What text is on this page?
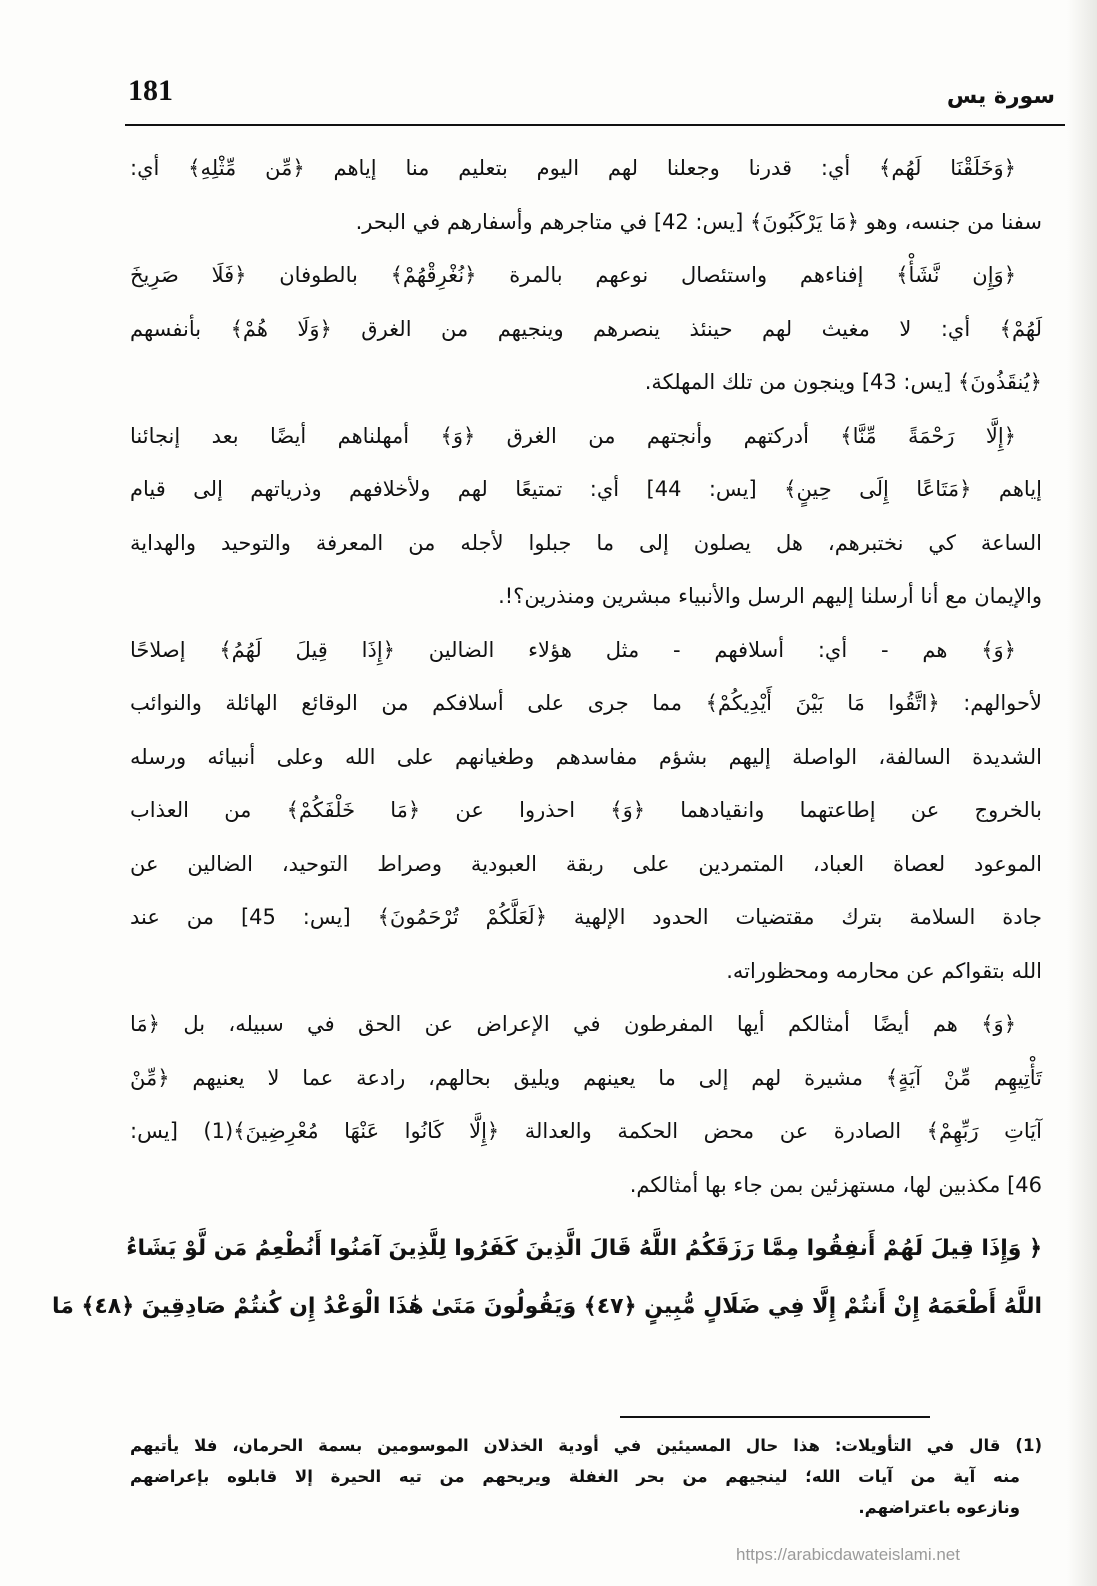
181	سورة يس
﴿وَخَلَقْنَا لَهُم﴾ أي: قدرنا وجعلنا لهم اليوم بتعليم منا إياهم ﴿مِّن مِّثْلِهِ﴾ أي:
سفنا من جنسه، وهو ﴿مَا يَرْكَبُونَ﴾ [يس: 42] في متاجرهم وأسفارهم في البحر.
﴿وَإِن نَّشَأْ﴾ إفناءهم واستئصال نوعهم بالمرة ﴿نُغْرِقْهُمْ﴾ بالطوفان ﴿فَلَا صَرِيخَ
لَهُمْ﴾ أي: لا مغيث لهم حينئذ ينصرهم وينجيهم من الغرق ﴿وَلَا هُمْ﴾ بأنفسهم
﴿يُنقَذُونَ﴾ [يس: 43] وينجون من تلك المهلكة.
﴿إِلَّا رَحْمَةً مِّنَّا﴾ أدركتهم وأنجتهم من الغرق ﴿وَ﴾ أمهلناهم أيضًا بعد إنجائنا
إياهم ﴿مَتَاعًا إِلَى حِينٍ﴾ [يس: 44] أي: تمتيعًا لهم ولأخلافهم وذرياتهم إلى قيام
الساعة كي نختبرهم، هل يصلون إلى ما جبلوا لأجله من المعرفة والتوحيد والهداية
والإيمان مع أنا أرسلنا إليهم الرسل والأنبياء مبشرين ومنذرين؟!.
﴿وَ﴾ هم - أي: أسلافهم - مثل هؤلاء الضالين ﴿إِذَا قِيلَ لَهُمُ﴾ إصلاحًا
لأحوالهم: ﴿اتَّقُوا مَا بَيْنَ أَيْدِيكُمْ﴾ مما جرى على أسلافكم من الوقائع الهائلة والنوائب
الشديدة السالفة، الواصلة إليهم بشؤم مفاسدهم وطغيانهم على الله وعلى أنبيائه ورسله
بالخروج عن إطاعتهما وانقيادهما ﴿وَ﴾ احذروا عن ﴿مَا خَلْفَكُمْ﴾ من العذاب
الموعود لعصاة العباد، المتمردين على ربقة العبودية وصراط التوحيد، الضالين عن
جادة السلامة بترك مقتضيات الحدود الإلهية ﴿لَعَلَّكُمْ تُرْحَمُونَ﴾ [يس: 45] من عند
الله بتقواكم عن محارمه ومحظوراته.
﴿وَ﴾ هم أيضًا أمثالكم أيها المفرطون في الإعراض عن الحق في سبيله، بل ﴿مَا
تَأْتِيهِم مِّنْ آيَةٍ﴾ مشيرة لهم إلى ما يعينهم ويليق بحالهم، رادعة عما لا يعنيهم ﴿مِّنْ
آيَاتِ رَبِّهِمْ﴾ الصادرة عن محض الحكمة والعدالة ﴿إِلَّا كَانُوا عَنْهَا مُعْرِضِينَ﴾(1) [يس:
46] مكذبين لها، مستهزئين بمن جاء بها أمثالكم.
﴿ وَإِذَا قِيلَ لَهُمْ أَنفِقُوا مِمَّا رَزَقَكُمُ اللَّهُ قَالَ الَّذِينَ كَفَرُوا لِلَّذِينَ آمَنُوا أَنُطْعِمُ مَن لَّوْ يَشَاءُ
اللَّهُ أَطْعَمَهُ إِنْ أَنتُمْ إِلَّا فِي ضَلَالٍ مُّبِينٍ ﴿٤٧﴾ وَيَقُولُونَ مَتَىٰ هَٰذَا الْوَعْدُ إِن كُنتُمْ صَادِقِينَ ﴿٤٨﴾ مَا
(1) قال في التأويلات: هذا حال المسيئين في أودية الخذلان الموسومين بسمة الحرمان، فلا يأتيهم
منه آية من آيات الله؛ لينجيهم من بحر الغفلة ويريحهم من تيه الحيرة إلا قابلوه بإعراضهم
ونازعوه باعتراضهم.
https://arabicdawateislami.net
